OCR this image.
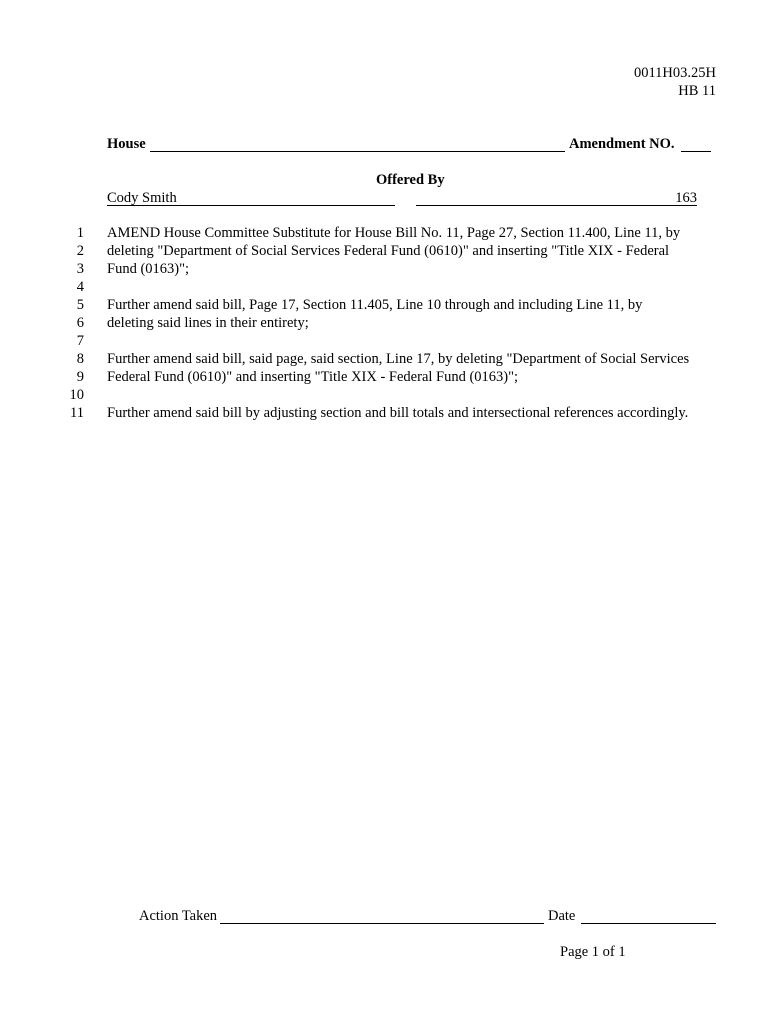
0011H03.25H
HB 11
House	Amendment NO.
Offered By
Cody Smith	163
1 AMEND House Committee Substitute for House Bill No. 11, Page 27, Section 11.400, Line 11, by
2 deleting "Department of Social Services Federal Fund (0610)" and inserting "Title XIX - Federal
3 Fund (0163)";
4
5 Further amend said bill, Page 17, Section 11.405, Line 10 through and including Line 11, by
6 deleting said lines in their entirety;
7
8 Further amend said bill, said page, said section, Line 17, by deleting "Department of Social Services
9 Federal Fund (0610)" and inserting "Title XIX - Federal Fund (0163)";
10
11 Further amend said bill by adjusting section and bill totals and intersectional references accordingly.
Action Taken	Date
Page 1 of 1
